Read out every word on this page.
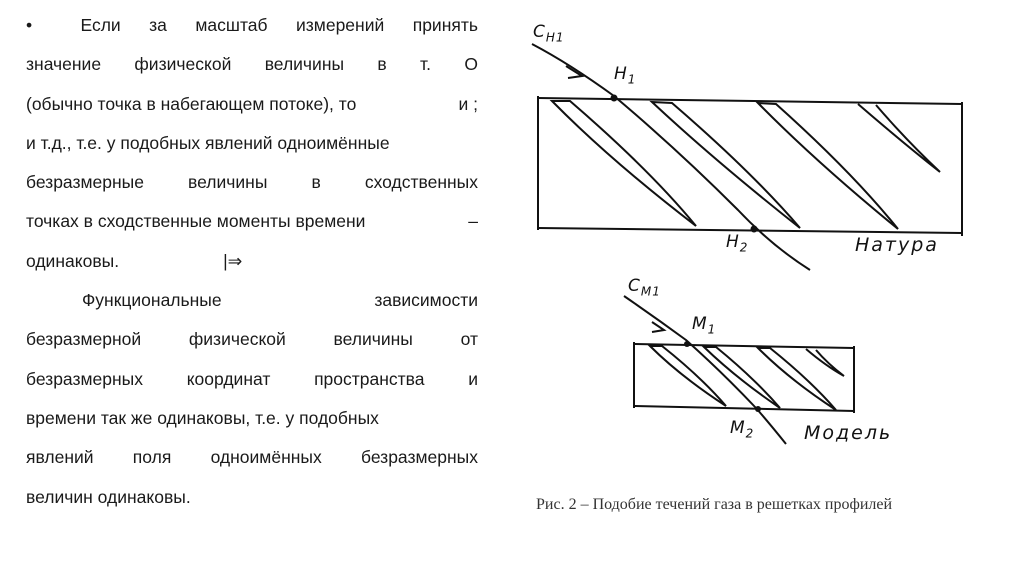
•	Если за масштаб измерений принять
значение физической величины в т. О
(обычно точка в набегающем потоке), то	и ;
и т.д., т.е. у подобных явлений одноимённые
безразмерные	величины	в	сходственных
точках в сходственные моменты времени	–
одинаковы.	|⇒
Функциональные	зависимости
безразмерной	физической	величины	от
безразмерных координат пространства и
времени так же одинаковы, т.е. у подобных
явлений поля одноимённых безразмерных
величин одинаковы.
$C_{H1}$
$H_1$
$H_2$	Натура
$C_{M1}$
$M_1$
$M_2$	Модель
Рис. 2 – Подобие течений газа в решетках профилей
